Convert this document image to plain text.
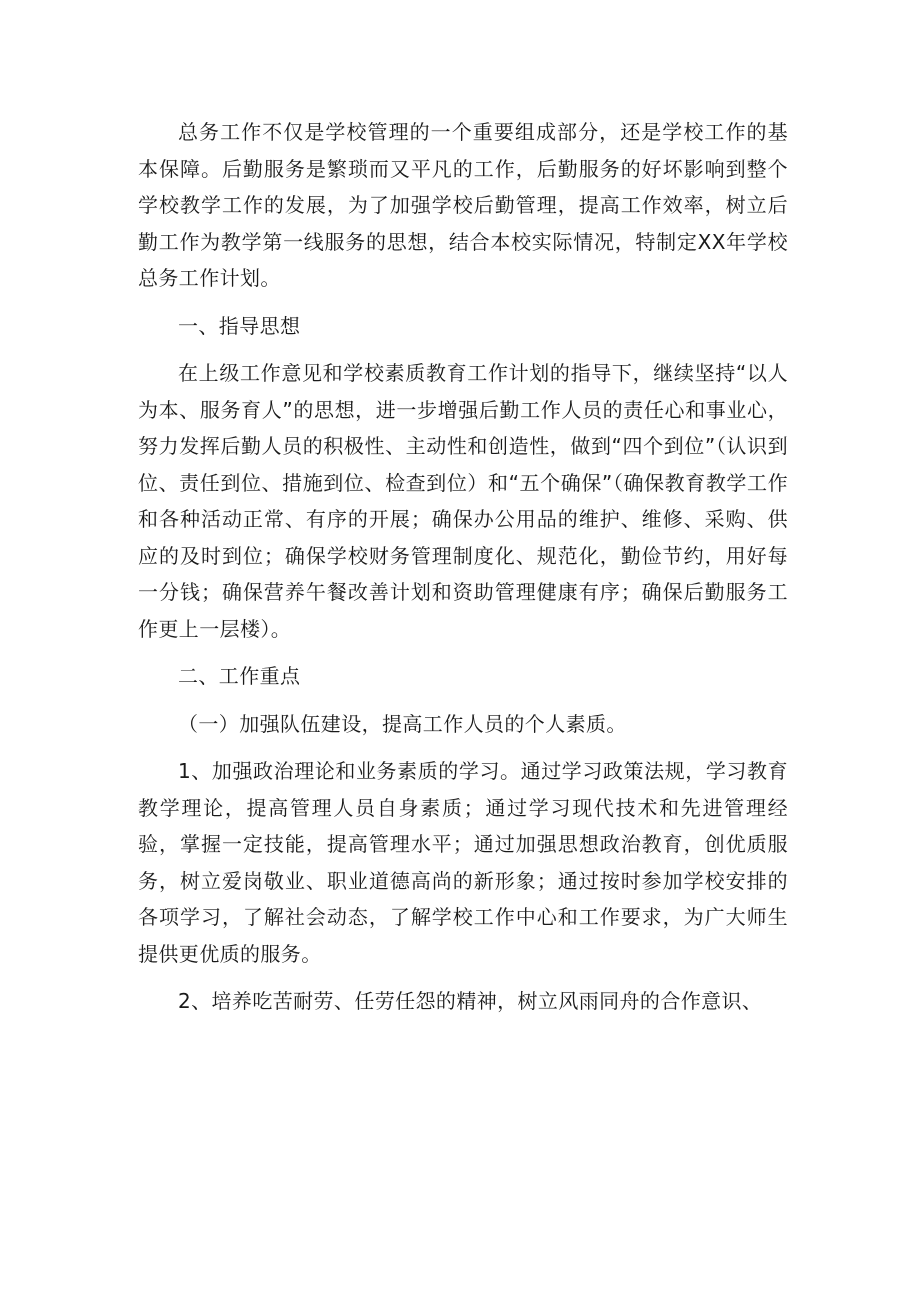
总务工作不仅是学校管理的一个重要组成部分，还是学校工作的基本保障。后勤服务是繁琐而又平凡的工作，后勤服务的好坏影响到整个学校教学工作的发展，为了加强学校后勤管理，提高工作效率，树立后勤工作为教学第一线服务的思想，结合本校实际情况，特制定XX年学校总务工作计划。

一、指导思想

在上级工作意见和学校素质教育工作计划的指导下，继续坚持“以人为本、服务育人”的思想，进一步增强后勤工作人员的责任心和事业心，努力发挥后勤人员的积极性、主动性和创造性，做到“四个到位”（认识到位、责任到位、措施到位、检查到位）和“五个确保”（确保教育教学工作和各种活动正常、有序的开展；确保办公用品的维护、维修、采购、供应的及时到位；确保学校财务管理制度化、规范化，勤俭节约，用好每一分钱；确保营养午餐改善计划和资助管理健康有序；确保后勤服务工作更上一层楼）。

二、工作重点

（一）加强队伍建设，提高工作人员的个人素质。

1、加强政治理论和业务素质的学习。通过学习政策法规，学习教育教学理论，提高管理人员自身素质；通过学习现代技术和先进管理经验，掌握一定技能，提高管理水平；通过加强思想政治教育，创优质服务，树立爱岗敬业、职业道德高尚的新形象；通过按时参加学校安排的各项学习，了解社会动态，了解学校工作中心和工作要求，为广大师生提供更优质的服务。

2、培养吃苦耐劳、任劳任怨的精神，树立风雨同舟的合作意识、
